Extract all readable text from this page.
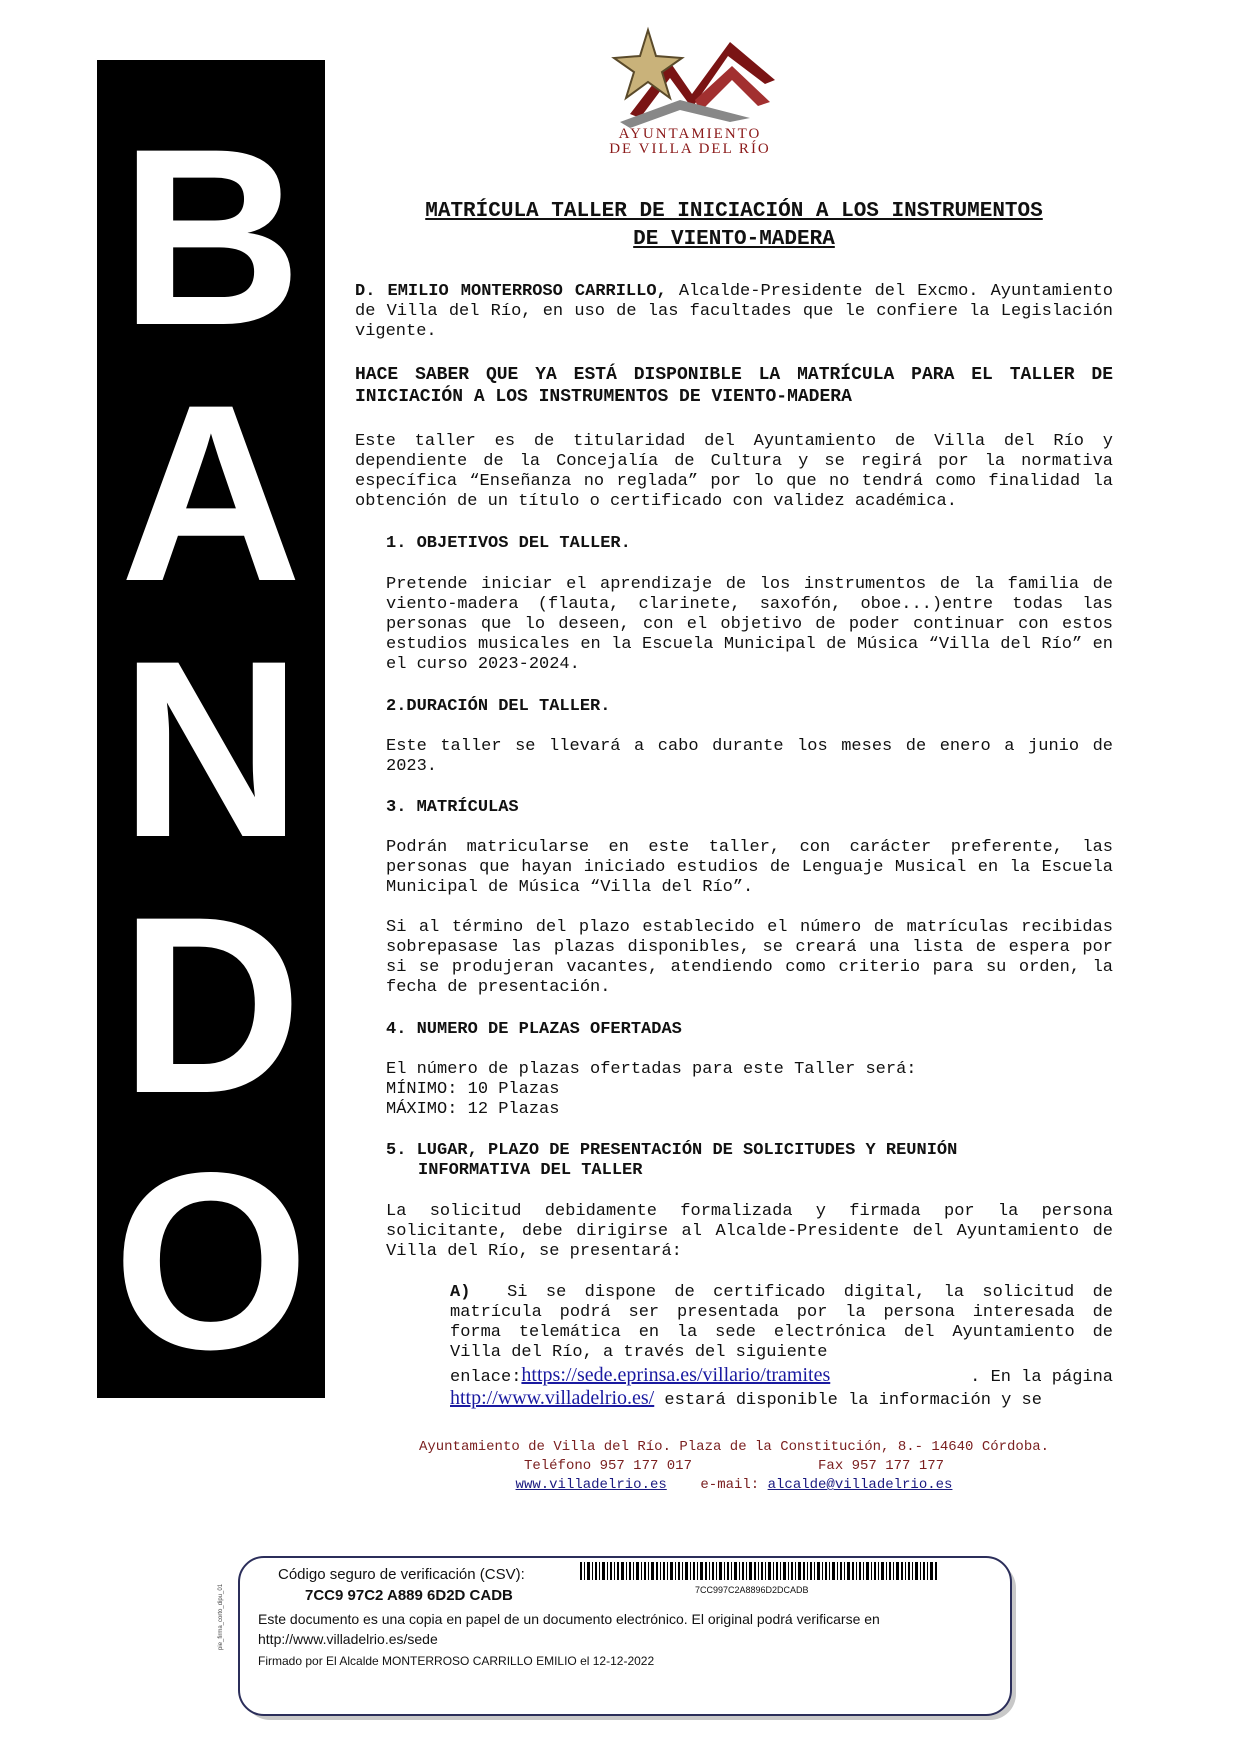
B
A
N
D
O
AYUNTAMIENTO
DE VILLA DEL RÍO
MATRÍCULA TALLER DE INICIACIÓN A LOS INSTRUMENTOS
DE VIENTO-MADERA

D. EMILIO MONTERROSO CARRILLO, Alcalde-Presidente del Excmo. Ayuntamiento de Villa del Río, en uso de las facultades que le confiere la Legislación vigente.

HACE SABER QUE YA ESTÁ DISPONIBLE LA MATRÍCULA PARA EL TALLER DE INICIACIÓN A LOS INSTRUMENTOS DE VIENTO-MADERA

Este taller es de titularidad del Ayuntamiento de Villa del Río y dependiente de la Concejalía de Cultura y se regirá por la normativa específica “Enseñanza no reglada” por lo que no tendrá como finalidad la obtención de un título o certificado con validez académica.

1. OBJETIVOS DEL TALLER.

Pretende iniciar el aprendizaje de los instrumentos de la familia de viento-madera (flauta, clarinete, saxofón, oboe...)entre todas las personas que lo deseen, con el objetivo de poder continuar con estos estudios musicales en la Escuela Municipal de Música “Villa del Río” en el curso 2023-2024.

2.DURACIÓN DEL TALLER.

Este taller se llevará a cabo durante los meses de enero a junio de 2023.

3. MATRÍCULAS

Podrán matricularse en este taller, con carácter preferente, las personas que hayan iniciado estudios de Lenguaje Musical en la Escuela Municipal de Música “Villa del Río”.

Si al término del plazo establecido el número de matrículas recibidas sobrepasase las plazas disponibles, se creará una lista de espera por si se produjeran vacantes, atendiendo como criterio para su orden, la fecha de presentación.

4. NUMERO DE PLAZAS OFERTADAS

El número de plazas ofertadas para este Taller será:
MÍNIMO: 10 Plazas
MÁXIMO: 12 Plazas
5. LUGAR, PLAZO DE PRESENTACIÓN DE SOLICITUDES Y REUNIÓN
INFORMATIVA DEL TALLER

La solicitud debidamente formalizada y firmada por la persona solicitante, debe dirigirse al Alcalde-Presidente del Ayuntamiento de Villa del Río, se presentará:

A) Si se dispone de certificado digital, la solicitud de matrícula podrá ser presentada por la persona interesada de forma telemática en la sede electrónica del Ayuntamiento de Villa del Río, a través del siguiente

enlace:https://sede.eprinsa.es/villario/tramites	. En la página
http://www.villadelrio.es/ estará disponible la información y se
Ayuntamiento de Villa del Río. Plaza de la Constitución, 8.- 14640 Córdoba.
Teléfono 957 177 017	Fax 957 177 177
www.villadelrio.es e-mail: alcalde@villadelrio.es
Código seguro de verificación (CSV):
7CC9 97C2 A889 6D2D CADB	7CC997C2A8896D2DCADB
Este documento es una copia en papel de un documento electrónico. El original podrá verificarse en
http://www.villadelrio.es/sede
Firmado por El Alcalde MONTERROSO CARRILLO EMILIO el 12-12-2022
pie_firma_corto_dipu_01
